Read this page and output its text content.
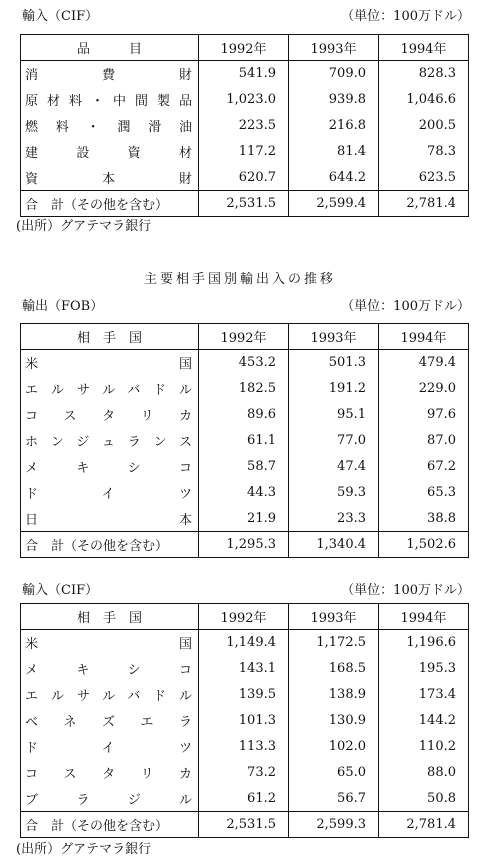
輸入（CIF）	（単位：100万ドル）
品　　　目	1992年	1993年	1994年

消費財	541.9	709.0	828.3

原材料・中間製品	1,023.0	939.8	1,046.6

燃料・潤滑油	223.5	216.8	200.5

建設資材	117.2	81.4	78.3

資本財	620.7	644.2	623.5
合　計（その他を含む）	2,531.5	2,599.4	2,781.4
(出所）グアテマラ銀行
主要相手国別輸出入の推移
輸出（FOB）	（単位：100万ドル）
相　手　国	1992年	1993年	1994年

米国	453.2	501.3	479.4

エルサルバドル	182.5	191.2	229.0

コスタリカ	89.6	95.1	97.6

ホンジュランス	61.1	77.0	87.0

メキシコ	58.7	47.4	67.2

ドイツ	44.3	59.3	65.3

日本	21.9	23.3	38.8
合　計（その他を含む）	1,295.3	1,340.4	1,502.6
輸入（CIF）	（単位：100万ドル）
相　手　国	1992年	1993年	1994年

米国	1,149.4	1,172.5	1,196.6

メキシコ	143.1	168.5	195.3

エルサルバドル	139.5	138.9	173.4

ベネズエラ	101.3	130.9	144.2

ドイツ	113.3	102.0	110.2

コスタリカ	73.2	65.0	88.0

ブラジル	61.2	56.7	50.8
合　計（その他を含む）	2,531.5	2,599.3	2,781.4
(出所）グアテマラ銀行
